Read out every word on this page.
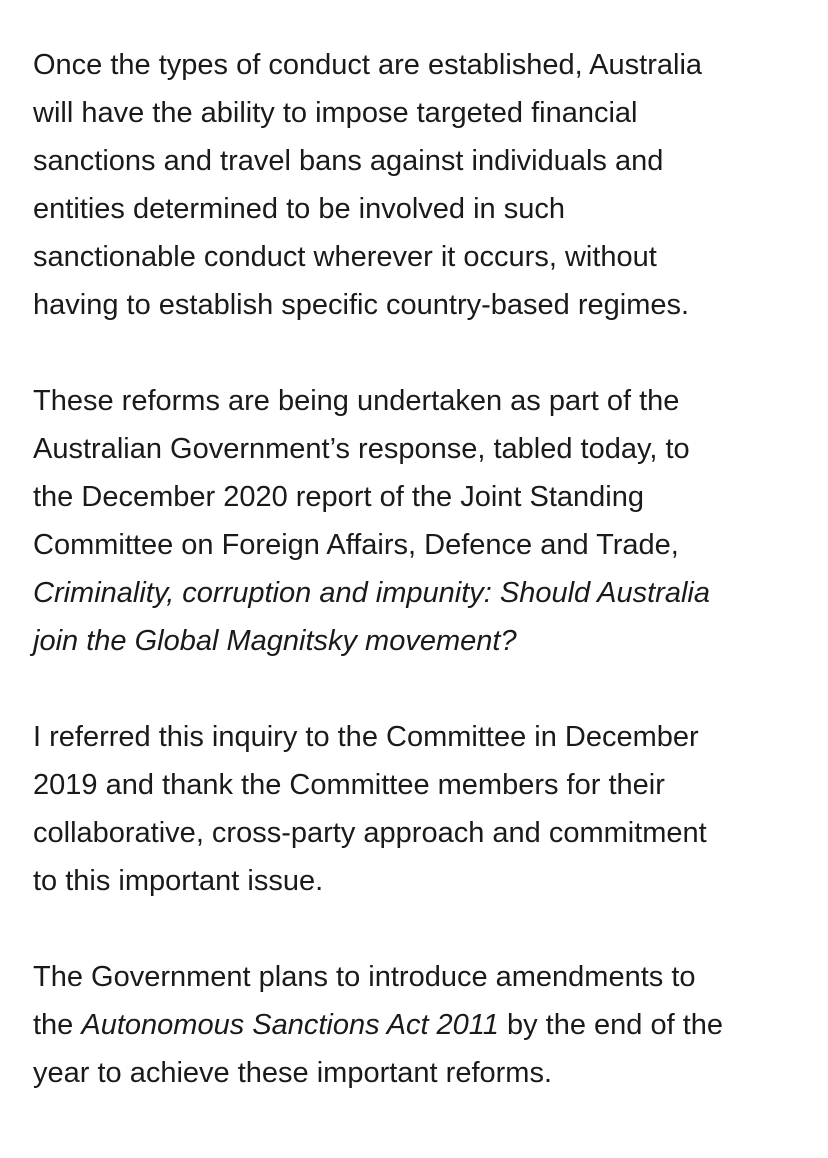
Once the types of conduct are established, Australia
will have the ability to impose targeted financial
sanctions and travel bans against individuals and
entities determined to be involved in such
sanctionable conduct wherever it occurs, without
having to establish specific country-based regimes.

These reforms are being undertaken as part of the
Australian Government’s response, tabled today, to
the December 2020 report of the Joint Standing
Committee on Foreign Affairs, Defence and Trade,
Criminality, corruption and impunity: Should Australia
join the Global Magnitsky movement?

I referred this inquiry to the Committee in December
2019 and thank the Committee members for their
collaborative, cross-party approach and commitment
to this important issue.

The Government plans to introduce amendments to
the Autonomous Sanctions Act 2011 by the end of the
year to achieve these important reforms.
